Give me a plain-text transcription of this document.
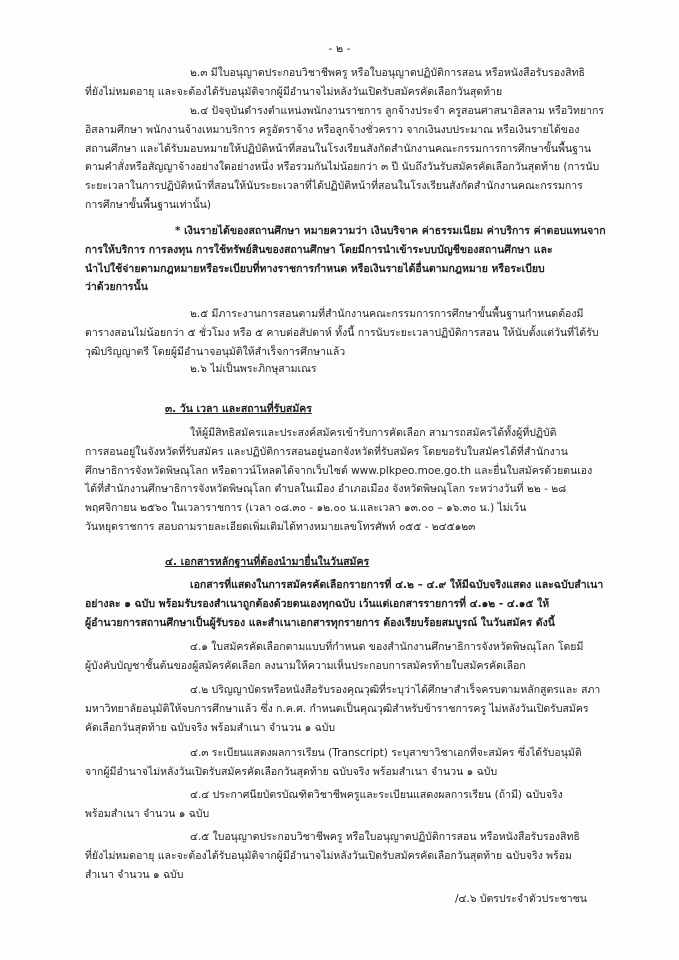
- ๒ -

๒.๓ มีใบอนุญาตประกอบวิชาชีพครู หรือใบอนุญาตปฏิบัติการสอน หรือหนังสือรับรองสิทธิ

ที่ยังไม่หมดอายุ และจะต้องได้รับอนุมัติจากผู้มีอำนาจไม่หลังวันเปิดรับสมัครคัดเลือกวันสุดท้าย

๒.๔ ปัจจุบันดำรงตำแหน่งพนักงานราชการ ลูกจ้างประจำ ครูสอนศาสนาอิสลาม หรือวิทยากร

อิสลามศึกษา พนักงานจ้างเหมาบริการ ครูอัตราจ้าง หรือลูกจ้างชั่วคราว จากเงินงบประมาณ หรือเงินรายได้ของ

สถานศึกษา และได้รับมอบหมายให้ปฏิบัติหน้าที่สอนในโรงเรียนสังกัดสำนักงานคณะกรรมการการศึกษาขั้นพื้นฐาน

ตามคำสั่งหรือสัญญาจ้างอย่างใดอย่างหนึ่ง หรือรวมกันไม่น้อยกว่า ๓ ปี นับถึงวันรับสมัครคัดเลือกวันสุดท้าย (การนับ

ระยะเวลาในการปฏิบัติหน้าที่สอนให้นับระยะเวลาที่ได้ปฏิบัติหน้าที่สอนในโรงเรียนสังกัดสำนักงานคณะกรรมการ

การศึกษาขั้นพื้นฐานเท่านั้น)

* เงินรายได้ของสถานศึกษา หมายความว่า เงินบริจาค ค่าธรรมเนียม ค่าบริการ ค่าตอบแทนจาก

การให้บริการ การลงทุน การใช้ทรัพย์สินของสถานศึกษา โดยมีการนำเข้าระบบบัญชีของสถานศึกษา และ

นำไปใช้จ่ายตามกฎหมายหรือระเบียบที่ทางราชการกำหนด หรือเงินรายได้อื่นตามกฎหมาย หรือระเบียบ

ว่าด้วยการนั้น

๒.๕ มีภาระงานการสอนตามที่สำนักงานคณะกรรมการการศึกษาขั้นพื้นฐานกำหนดต้องมี

ตารางสอนไม่น้อยกว่า ๕ ชั่วโมง หรือ ๕ คาบต่อสัปดาห์ ทั้งนี้ การนับระยะเวลาปฏิบัติการสอน ให้นับตั้งแต่วันที่ได้รับ

วุฒิปริญญาตรี โดยผู้มีอำนาจอนุมัติให้สำเร็จการศึกษาแล้ว

๒.๖ ไม่เป็นพระภิกษุสามเณร

๓. วัน เวลา และสถานที่รับสมัคร

ให้ผู้มีสิทธิสมัครและประสงค์สมัครเข้ารับการคัดเลือก สามารถสมัครได้ทั้งผู้ที่ปฏิบัติ

การสอนอยู่ในจังหวัดที่รับสมัคร และปฏิบัติการสอนอยู่นอกจังหวัดที่รับสมัคร โดยขอรับใบสมัครได้ที่สำนักงาน

ศึกษาธิการจังหวัดพิษณุโลก หรือดาวน์โหลดได้จากเว็บไซต์ www.plkpeo.moe.go.th และยื่นใบสมัครด้วยตนเอง

ได้ที่สำนักงานศึกษาธิการจังหวัดพิษณุโลก ตำบลในเมือง อำเภอเมือง จังหวัดพิษณุโลก ระหว่างวันที่ ๒๒ - ๒๘

พฤศจิกายน ๒๕๖๐ ในเวลาราชการ (เวลา ๐๘.๓๐ - ๑๒.๐๐ น.และเวลา ๑๓.๐๐ – ๑๖.๓๐ น.) ไม่เว้น

วันหยุดราชการ สอบถามรายละเอียดเพิ่มเติมได้ทางหมายเลขโทรศัพท์ ๐๕๕ - ๒๔๕๑๒๓

๔. เอกสารหลักฐานที่ต้องนำมายื่นในวันสมัคร

เอกสารที่แสดงในการสมัครคัดเลือกรายการที่ ๔.๒ – ๔.๙ ให้มีฉบับจริงแสดง และฉบับสำเนา

อย่างละ ๑ ฉบับ พร้อมรับรองสำเนาถูกต้องด้วยตนเองทุกฉบับ เว้นแต่เอกสารรายการที่ ๔.๑๒ - ๔.๑๕ ให้

ผู้อำนวยการสถานศึกษาเป็นผู้รับรอง และสำเนาเอกสารทุกรายการ ต้องเรียบร้อยสมบูรณ์ ในวันสมัคร ดังนี้

๔.๑ ใบสมัครคัดเลือกตามแบบที่กำหนด ของสำนักงานศึกษาธิการจังหวัดพิษณุโลก โดยมี

ผู้บังคับบัญชาชั้นต้นของผู้สมัครคัดเลือก ลงนามให้ความเห็นประกอบการสมัครท้ายใบสมัครคัดเลือก

๔.๒ ปริญญาบัตรหรือหนังสือรับรองคุณวุฒิที่ระบุว่าได้ศึกษาสำเร็จครบตามหลักสูตรและ สภา

มหาวิทยาลัยอนุมัติให้จบการศึกษาแล้ว ซึ่ง ก.ค.ศ. กำหนดเป็นคุณวุฒิสำหรับข้าราชการครู ไม่หลังวันเปิดรับสมัคร

คัดเลือกวันสุดท้าย ฉบับจริง พร้อมสำเนา จำนวน ๑ ฉบับ

๔.๓ ระเบียนแสดงผลการเรียน (Transcript) ระบุสาขาวิชาเอกที่จะสมัคร ซึ่งได้รับอนุมัติ

จากผู้มีอำนาจไม่หลังวันเปิดรับสมัครคัดเลือกวันสุดท้าย ฉบับจริง พร้อมสำเนา จำนวน ๑ ฉบับ

๔.๔ ประกาศนียบัตรบัณฑิตวิชาชีพครูและระเบียนแสดงผลการเรียน (ถ้ามี) ฉบับจริง

พร้อมสำเนา จำนวน ๑ ฉบับ

๔.๕ ใบอนุญาตประกอบวิชาชีพครู หรือใบอนุญาตปฏิบัติการสอน หรือหนังสือรับรองสิทธิ

ที่ยังไม่หมดอายุ และจะต้องได้รับอนุมัติจากผู้มีอำนาจไม่หลังวันเปิดรับสมัครคัดเลือกวันสุดท้าย ฉบับจริง พร้อม

สำเนา จำนวน ๑ ฉบับ

/๔.๖ บัตรประจำตัวประชาชน
